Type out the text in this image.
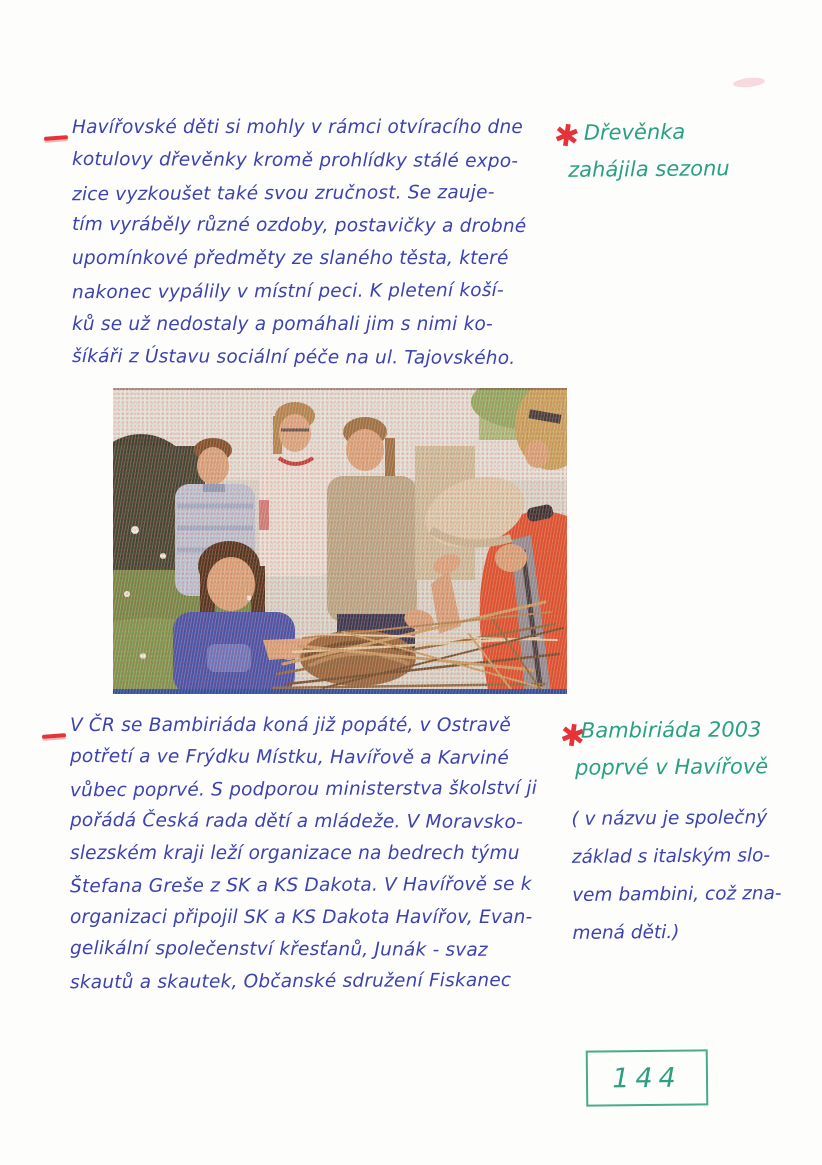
Havířovské děti si mohly v rámci otvíracího dne

kotulovy dřevěnky kromě prohlídky stálé expo-

zice vyzkoušet také svou zručnost. Se zauje-

tím vyráběly různé ozdoby, postavičky a drobné

upomínkové předměty ze slaného těsta, které

nakonec vypálily v místní peci. K pletení koší-

ků se už nedostaly a pomáhali jim s nimi ko-

šíkáři z Ústavu sociální péče na ul. Tajovského.

✱ Dřevěnka

zahájila sezonu

V ČR se Bambiriáda koná již popáté, v Ostravě

potřetí a ve Frýdku Místku, Havířově a Karviné

vůbec poprvé. S podporou ministerstva školství ji

pořádá Česká rada dětí a mládeže. V Moravsko-

slezském kraji leží organizace na bedrech týmu

Štefana Greše z SK a KS Dakota. V Havířově se k

organizaci připojil SK a KS Dakota Havířov, Evan-

gelikální společenství křesťanů, Junák - svaz

skautů a skautek, Občanské sdružení Fiskanec

✱

Bambiriáda 2003

poprvé v Havířově

( v názvu je společný

základ s italským slo-

vem bambini, což zna-

mená děti.)

144
